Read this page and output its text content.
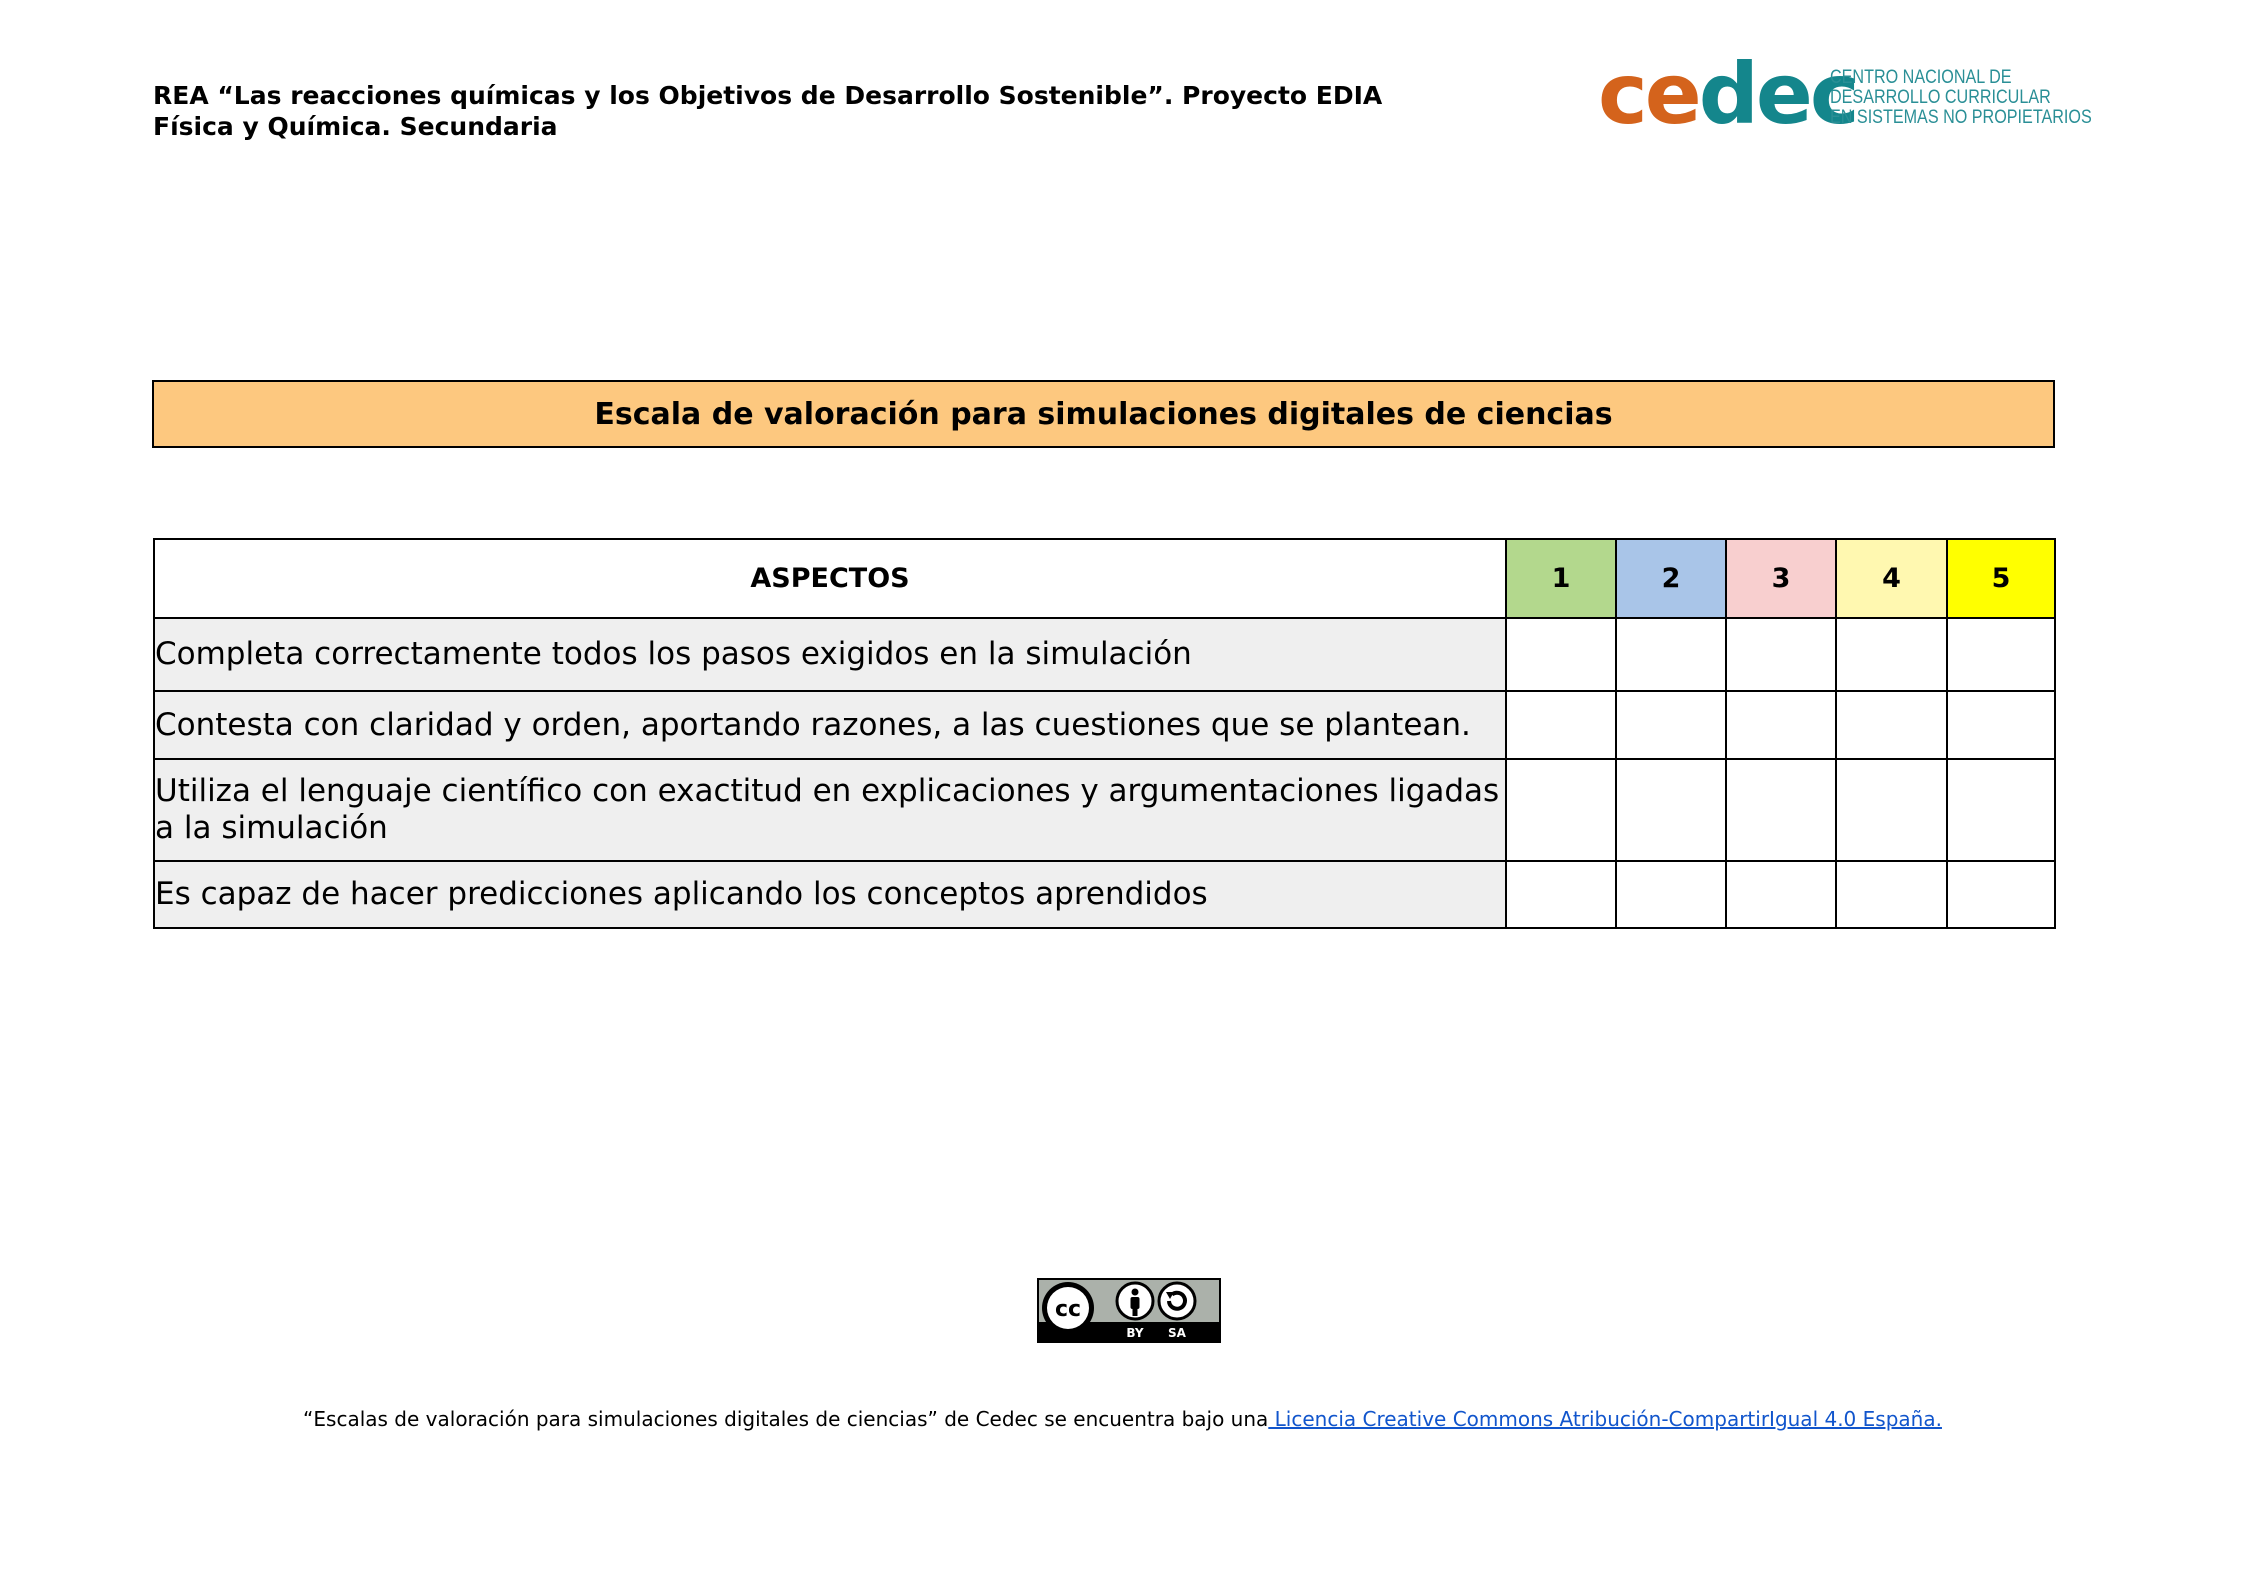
REA “Las reacciones químicas y los Objetivos de Desarrollo Sostenible”. Proyecto EDIA
Física y Química. Secundaria	cedec
CENTRO NACIONAL DE
DESARROLLO CURRICULAR
EN SISTEMAS NO PROPIETARIOS
Escala de valoración para simulaciones digitales de ciencias
ASPECTOS	1	2	3	4	5
Completa correctamente todos los pasos exigidos en la simulación					
Contesta con claridad y orden, aportando razones, a las cuestiones que se plantean.					
Utiliza el lenguaje científico con exactitud en explicaciones y argumentaciones ligadas a la simulación					
Es capaz de hacer predicciones aplicando los conceptos aprendidos					
cc
BY SA
“Escalas de valoración para simulaciones digitales de ciencias” de Cedec se encuentra bajo una Licencia Creative Commons Atribución-CompartirIgual 4.0 España.
